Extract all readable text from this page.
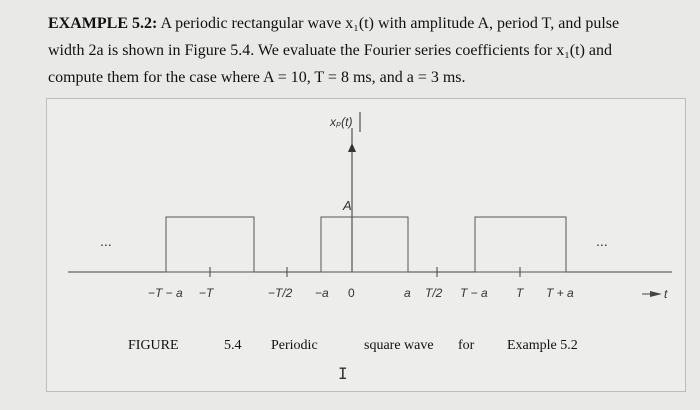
EXAMPLE 5.2: A periodic rectangular wave x₁(t) with amplitude A, period T, and pulse
width 2a is shown in Figure 5.4. We evaluate the Fourier series coefficients for x₁(t) and
compute them for the case where A = 10, T = 8 ms, and a = 3 ms.
xₚ(t)
t
A
...	...
−T − a −T	−T/2 −a 0	a T/2 T − a T T + a
FIGURE	5.4 Periodic	square wave for Example 5.2
I
